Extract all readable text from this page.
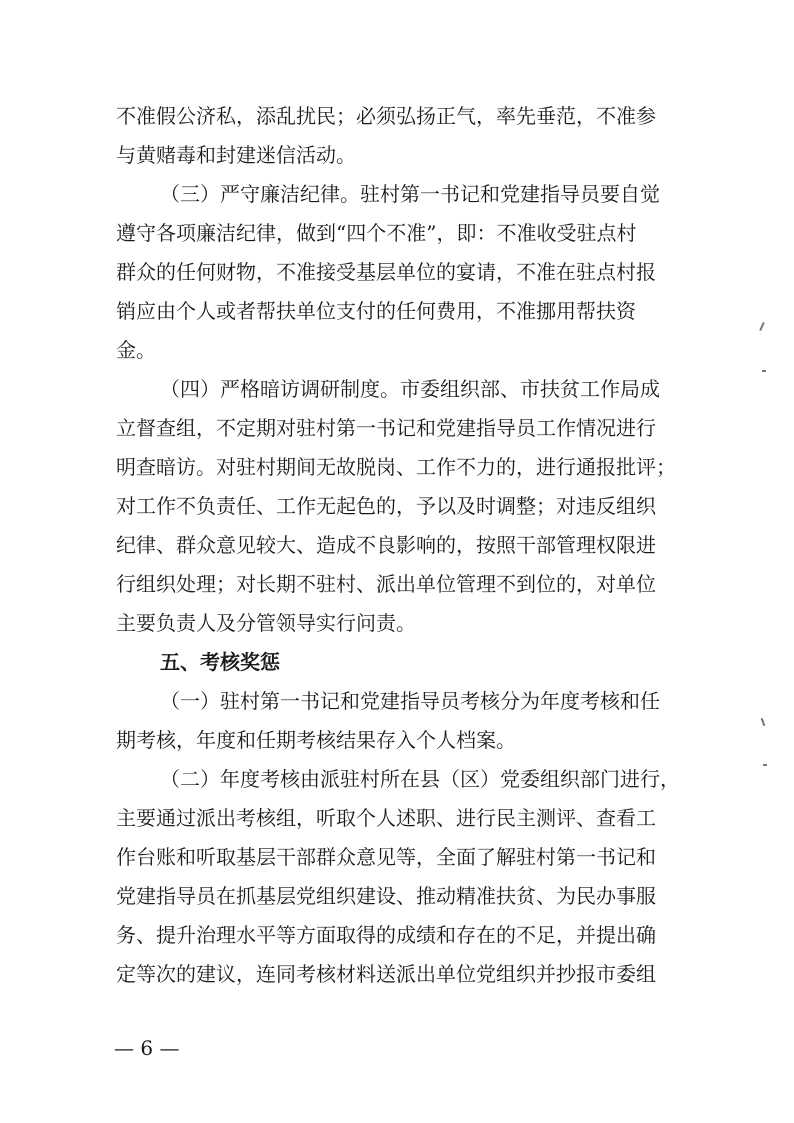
不准假公济私，添乱扰民；必须弘扬正气，率先垂范，不准参
与黄赌毒和封建迷信活动。
（三）严守廉洁纪律。驻村第一书记和党建指导员要自觉
遵守各项廉洁纪律，做到“四个不准”，即：不准收受驻点村
群众的任何财物，不准接受基层单位的宴请，不准在驻点村报
销应由个人或者帮扶单位支付的任何费用，不准挪用帮扶资
金。
（四）严格暗访调研制度。市委组织部、市扶贫工作局成
立督查组，不定期对驻村第一书记和党建指导员工作情况进行
明查暗访。对驻村期间无故脱岗、工作不力的，进行通报批评；
对工作不负责任、工作无起色的，予以及时调整；对违反组织
纪律、群众意见较大、造成不良影响的，按照干部管理权限进
行组织处理；对长期不驻村、派出单位管理不到位的，对单位
主要负责人及分管领导实行问责。
五、考核奖惩
（一）驻村第一书记和党建指导员考核分为年度考核和任
期考核，年度和任期考核结果存入个人档案。
（二）年度考核由派驻村所在县（区）党委组织部门进行，
主要通过派出考核组，听取个人述职、进行民主测评、查看工
作台账和听取基层干部群众意见等，全面了解驻村第一书记和
党建指导员在抓基层党组织建设、推动精准扶贫、为民办事服
务、提升治理水平等方面取得的成绩和存在的不足，并提出确
定等次的建议，连同考核材料送派出单位党组织并抄报市委组
— 6 —
